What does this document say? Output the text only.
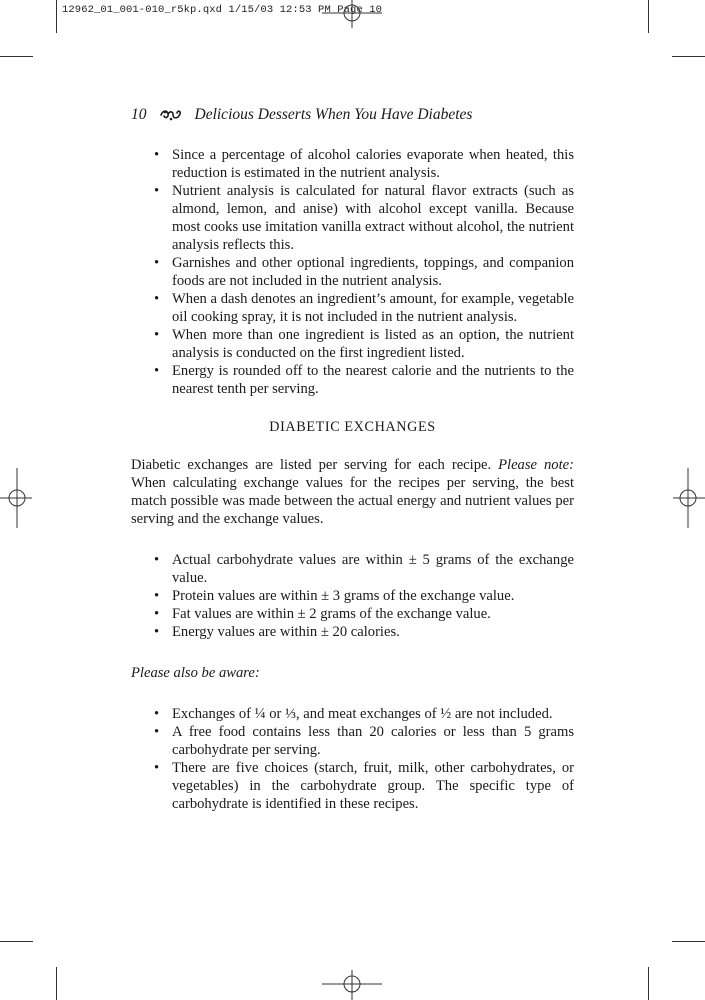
12962_01_001-010_r5kp.qxd 1/15/03 12:53 PM Page 10
10	Delicious Desserts When You Have Diabetes
• Since a percentage of alcohol calories evaporate when heated, this reduction is estimated in the nutrient analysis.
• Nutrient analysis is calculated for natural flavor extracts (such as almond, lemon, and anise) with alcohol except vanilla. Because most cooks use imitation vanilla extract without alcohol, the nutrient analysis reflects this.
• Garnishes and other optional ingredients, toppings, and companion foods are not included in the nutrient analysis.
• When a dash denotes an ingredient’s amount, for example, vegetable oil cooking spray, it is not included in the nutrient analysis.
• When more than one ingredient is listed as an option, the nutrient analysis is conducted on the first ingredient listed.
• Energy is rounded off to the nearest calorie and the nutrients to the nearest tenth per serving.
DIABETIC EXCHANGES

Diabetic exchanges are listed per serving for each recipe. Please note: When calculating exchange values for the recipes per serving, the best match possible was made between the actual energy and nutrient values per serving and the exchange values.

• Actual carbohydrate values are within ± 5 grams of the exchange value.
• Protein values are within ± 3 grams of the exchange value.
• Fat values are within ± 2 grams of the exchange value.
• Energy values are within ± 20 calories.
Please also be aware:
• Exchanges of ¼ or ⅓, and meat exchanges of ½ are not included.
• A free food contains less than 20 calories or less than 5 grams carbohydrate per serving.
• There are five choices (starch, fruit, milk, other carbohydrates, or vegetables) in the carbohydrate group. The specific type of carbohydrate is identified in these recipes.
